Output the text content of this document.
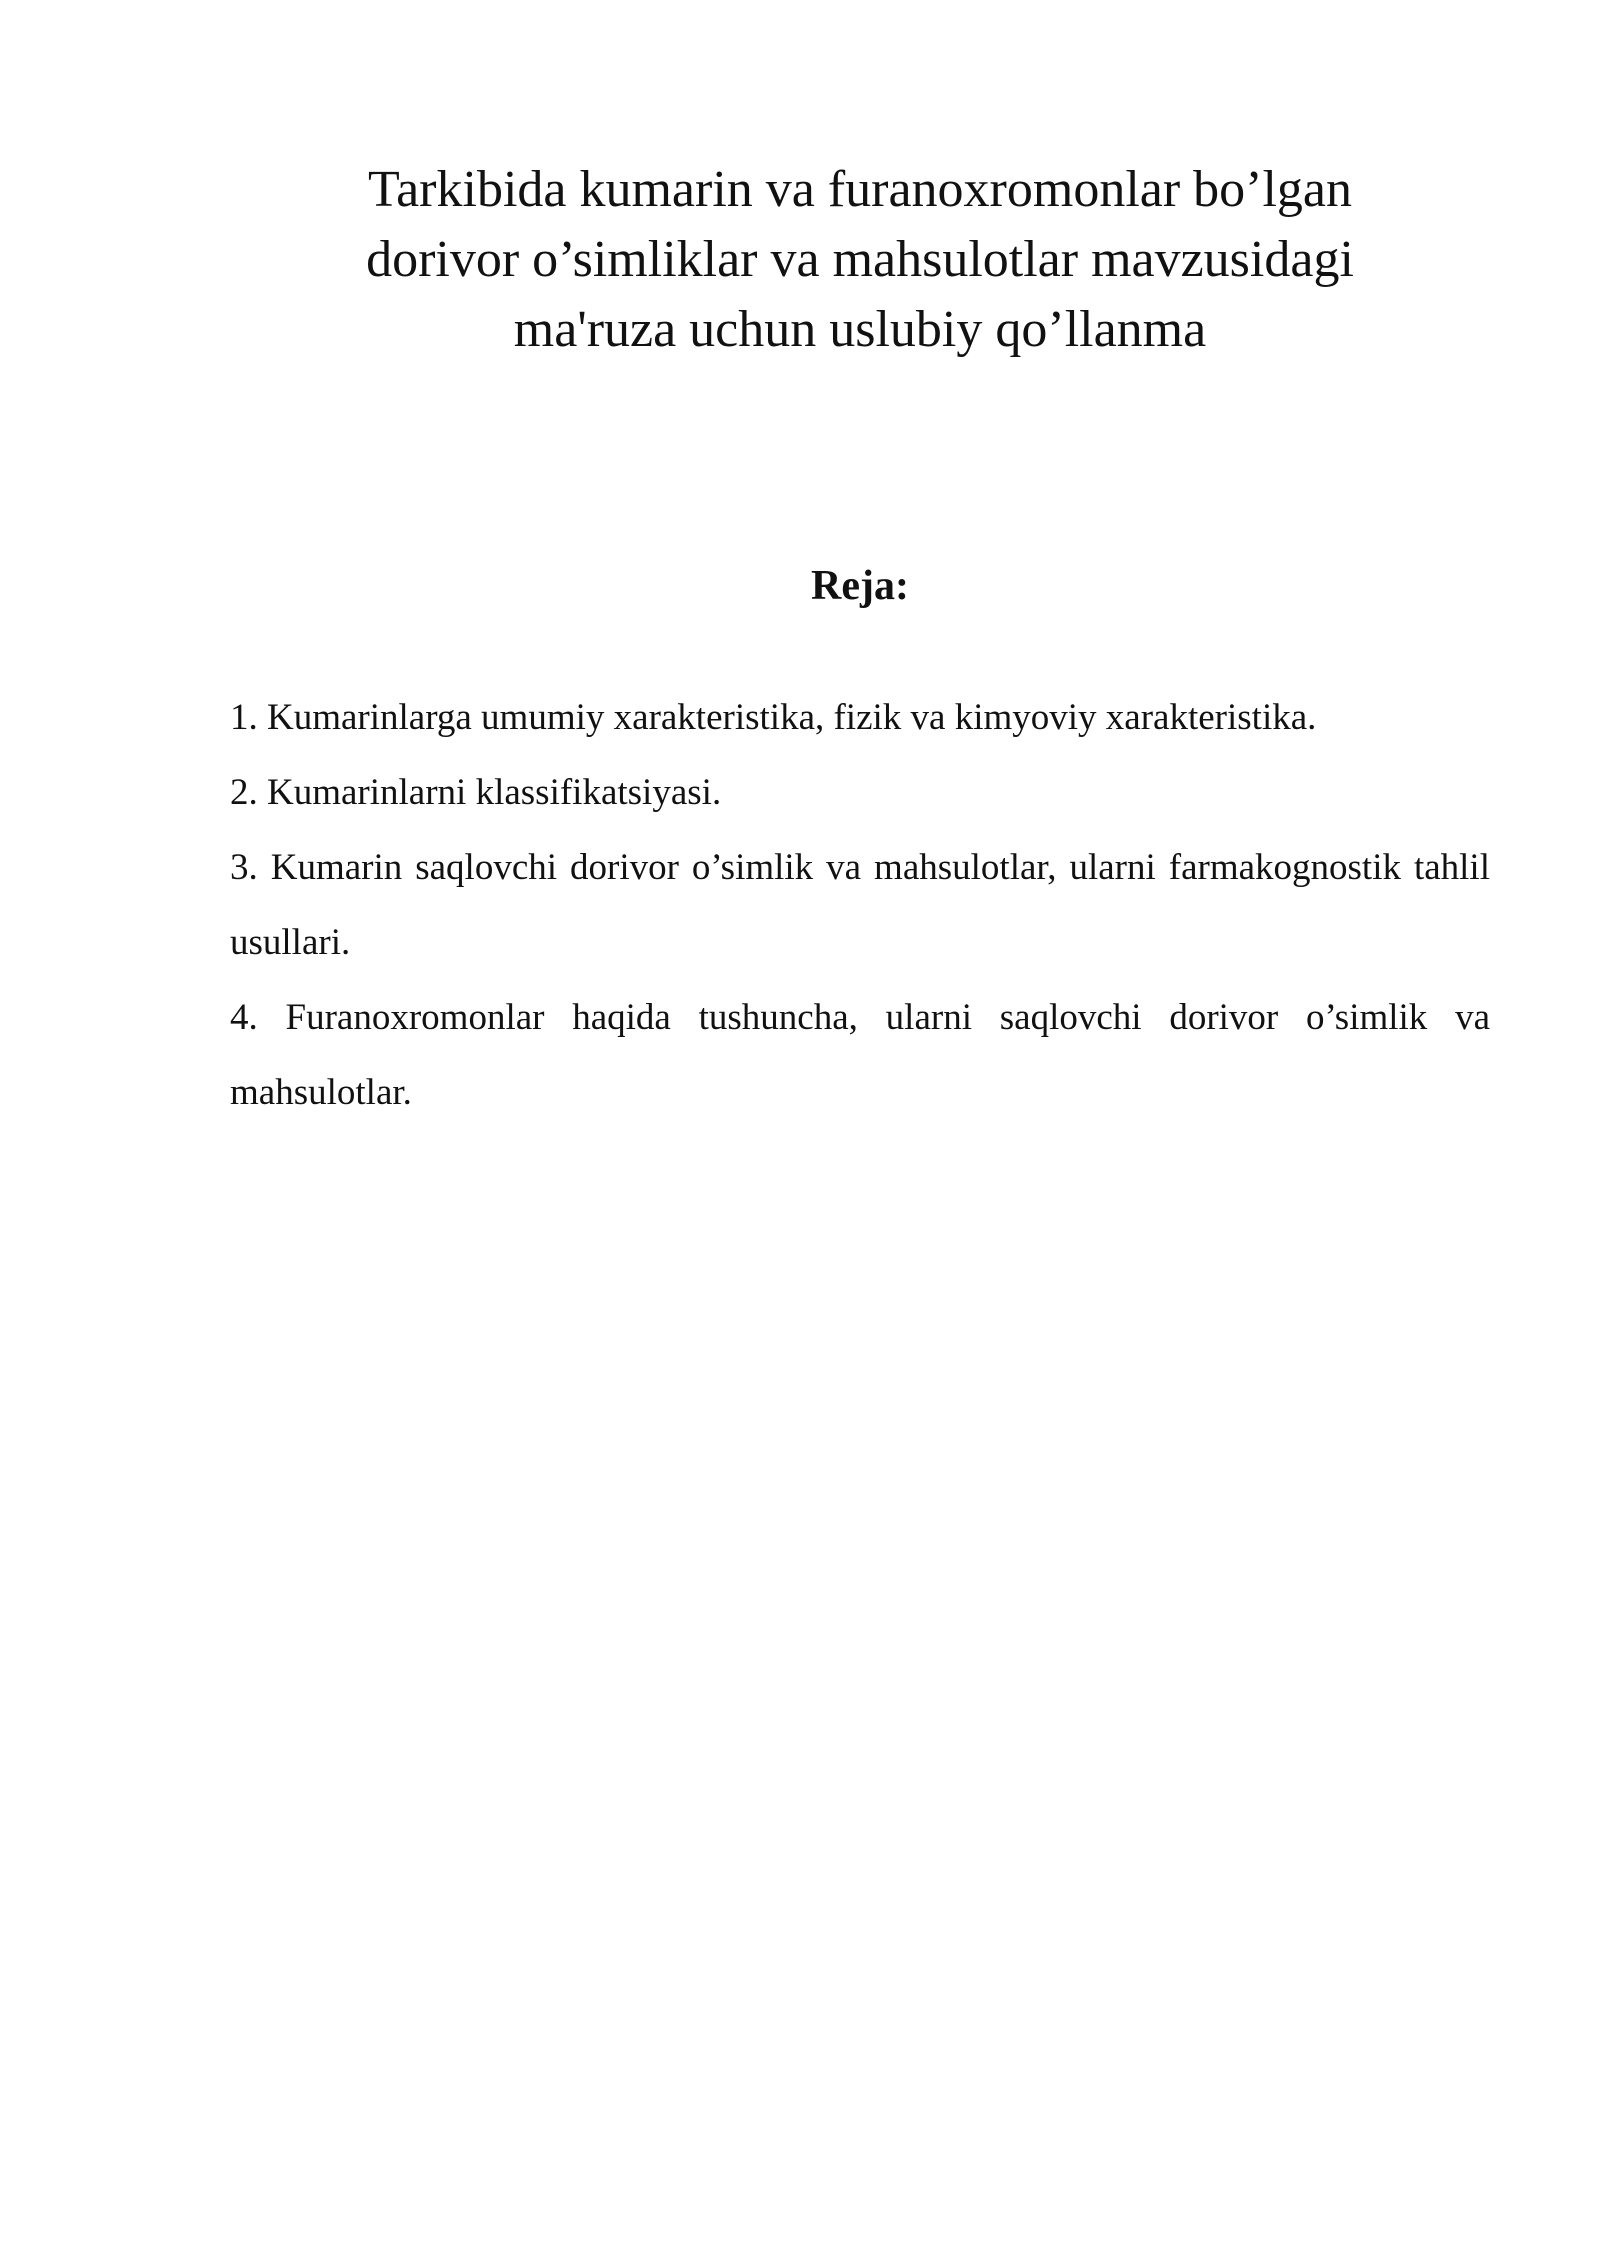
Tarkibida kumarin va furanoxromonlar bo’lgan
dorivor o’simliklar va mahsulotlar mavzusidagi
ma'ruza uchun uslubiy qo’llanma
Reja:
1. Kumarinlarga umumiy xarakteristika, fizik va kimyoviy xarakteristika.
2. Kumarinlarni klassifikatsiyasi.
3. Kumarin saqlovchi dorivor o’simlik va mahsulotlar, ularni farmakognostik tahlil usullari.
4. Furanoxromonlar haqida tushuncha, ularni saqlovchi dorivor o’simlik va mahsulotlar.
